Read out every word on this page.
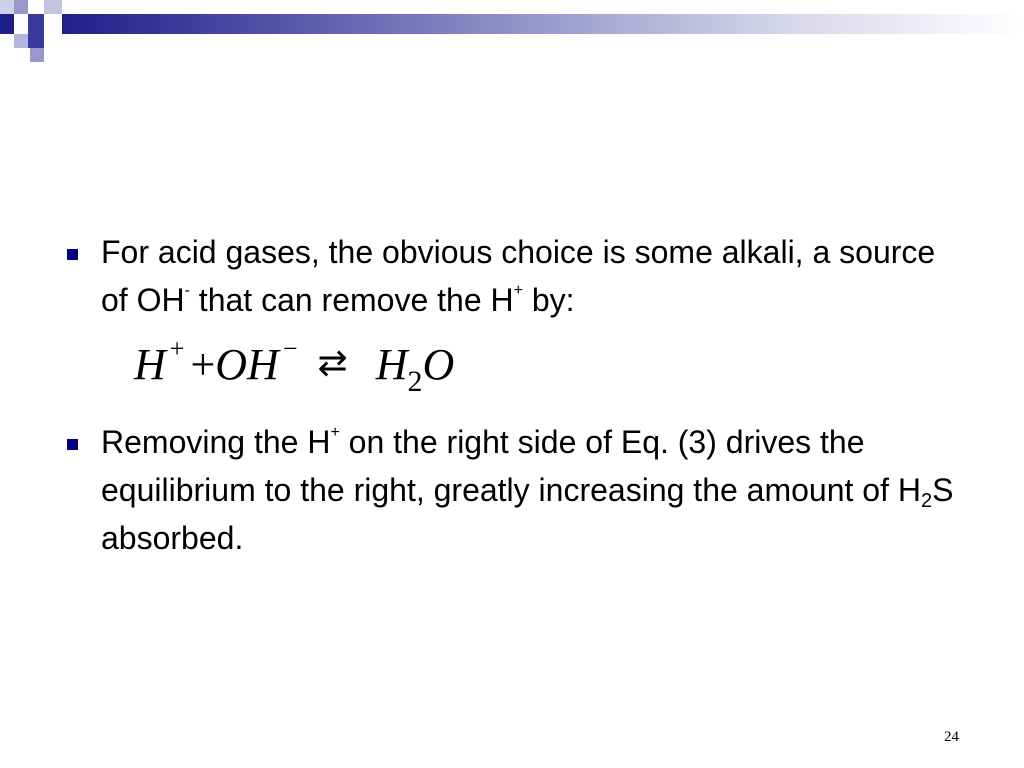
For acid gases, the obvious choice is some alkali, a source of OH- that can remove the H+ by:
H + +OH − ⇄ $H_2O$
Removing the H+ on the right side of Eq. (3) drives the equilibrium to the right, greatly increasing the amount of $H_2S$ absorbed.
24
